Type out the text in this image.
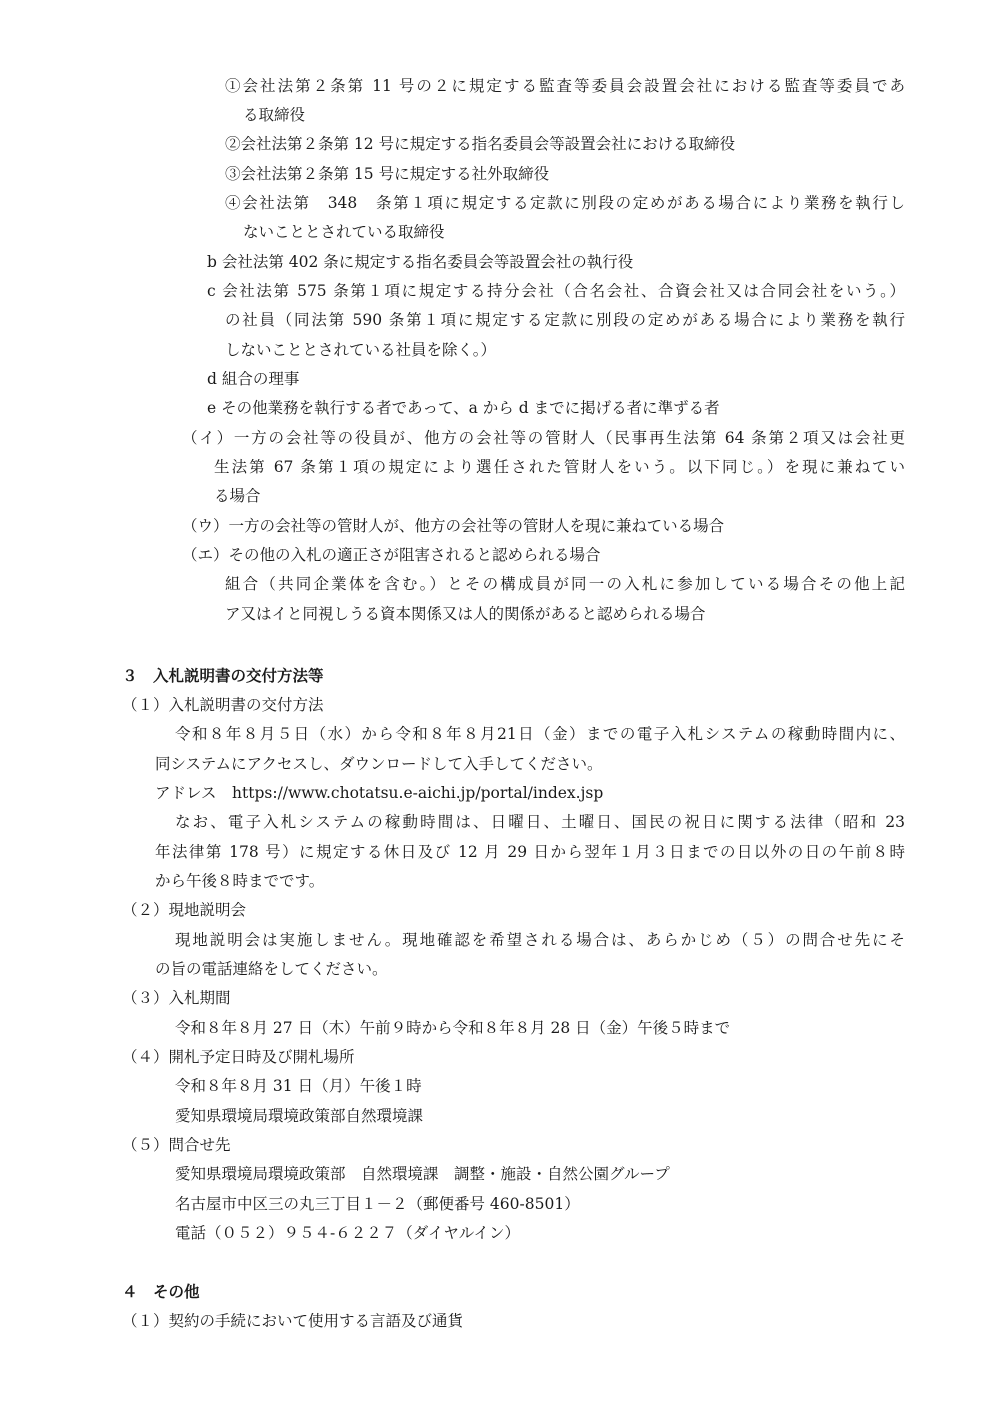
①会社法第２条第 11 号の２に規定する監査等委員会設置会社における監査等委員であ
る取締役
②会社法第２条第 12 号に規定する指名委員会等設置会社における取締役
③会社法第２条第 15 号に規定する社外取締役
④会社法第　348　条第１項に規定する定款に別段の定めがある場合により業務を執行し
ないこととされている取締役
b 会社法第 402 条に規定する指名委員会等設置会社の執行役
c 会社法第 575 条第１項に規定する持分会社（合名会社、合資会社又は合同会社をいう。）
の社員（同法第 590 条第１項に規定する定款に別段の定めがある場合により業務を執行
しないこととされている社員を除く。）
d 組合の理事
e その他業務を執行する者であって、a から d までに掲げる者に準ずる者
（イ）一方の会社等の役員が、他方の会社等の管財人（民事再生法第 64 条第２項又は会社更
生法第 67 条第１項の規定により選任された管財人をいう。以下同じ。）を現に兼ねてい
る場合
（ウ）一方の会社等の管財人が、他方の会社等の管財人を現に兼ねている場合
（エ）その他の入札の適正さが阻害されると認められる場合
組合（共同企業体を含む。）とその構成員が同一の入札に参加している場合その他上記
ア又はイと同視しうる資本関係又は人的関係があると認められる場合
３　入札説明書の交付方法等
（１）入札説明書の交付方法
令和８年８月５日（水）から令和８年８月21日（金）までの電子入札システムの稼動時間内に、
同システムにアクセスし、ダウンロードして入手してください。
アドレス　https://www.chotatsu.e-aichi.jp/portal/index.jsp
なお、電子入札システムの稼動時間は、日曜日、土曜日、国民の祝日に関する法律（昭和 23
年法律第 178 号）に規定する休日及び 12 月 29 日から翌年１月３日までの日以外の日の午前８時
から午後８時までです。
（２）現地説明会
現地説明会は実施しません。現地確認を希望される場合は、あらかじめ（５）の問合せ先にそ
の旨の電話連絡をしてください。
（３）入札期間
令和８年８月 27 日（木）午前９時から令和８年８月 28 日（金）午後５時まで
（４）開札予定日時及び開札場所
令和８年８月 31 日（月）午後１時
愛知県環境局環境政策部自然環境課
（５）問合せ先
愛知県環境局環境政策部　自然環境課　調整・施設・自然公園グループ
名古屋市中区三の丸三丁目１－２（郵便番号 460-8501）
電話（０５２）９５４‐６２２７（ダイヤルイン）
４　その他
（１）契約の手続において使用する言語及び通貨
